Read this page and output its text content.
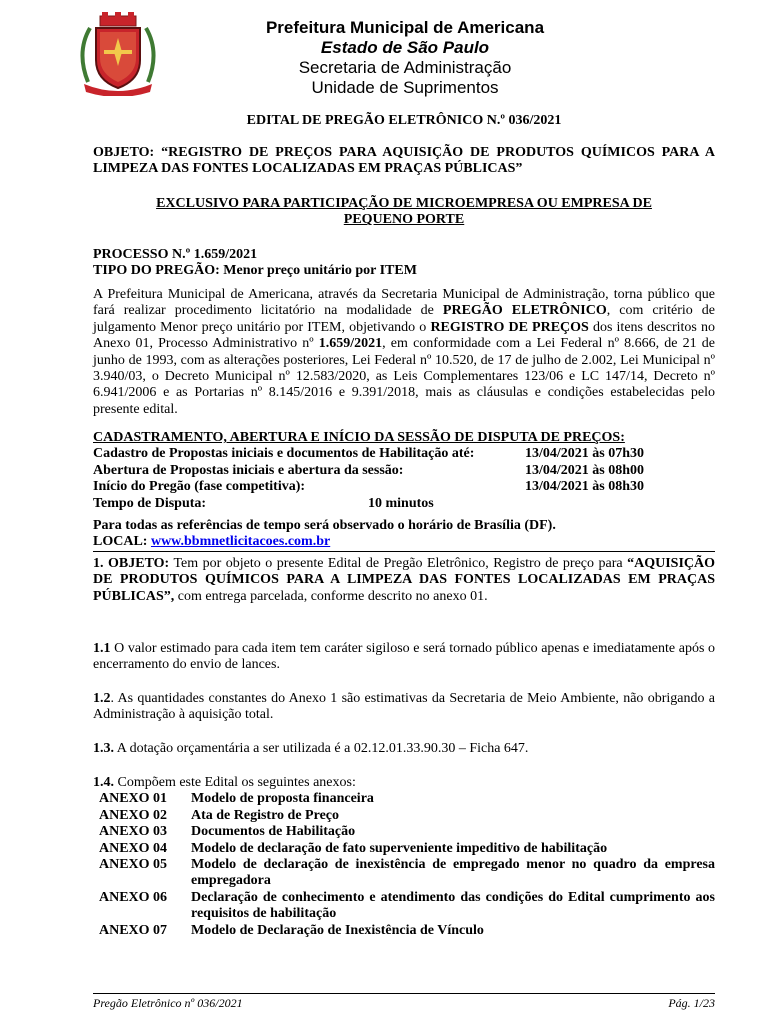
Prefeitura Municipal de Americana
Estado de São Paulo
Secretaria de Administração
Unidade de Suprimentos
EDITAL DE PREGÃO ELETRÔNICO N.º 036/2021
OBJETO: “REGISTRO DE PREÇOS PARA AQUISIÇÃO DE PRODUTOS QUÍMICOS PARA A LIMPEZA DAS FONTES LOCALIZADAS EM PRAÇAS PÚBLICAS”
EXCLUSIVO PARA PARTICIPAÇÃO DE MICROEMPRESA OU EMPRESA DE PEQUENO PORTE
PROCESSO N.º 1.659/2021
TIPO DO PREGÃO: Menor preço unitário por ITEM
A Prefeitura Municipal de Americana, através da Secretaria Municipal de Administração, torna público que fará realizar procedimento licitatório na modalidade de PREGÃO ELETRÔNICO, com critério de julgamento Menor preço unitário por ITEM, objetivando o REGISTRO DE PREÇOS dos itens descritos no Anexo 01, Processo Administrativo nº 1.659/2021, em conformidade com a Lei Federal nº 8.666, de 21 de junho de 1993, com as alterações posteriores, Lei Federal nº 10.520, de 17 de julho de 2.002, Lei Municipal nº 3.940/03, o Decreto Municipal nº 12.583/2020, as Leis Complementares 123/06 e LC 147/14, Decreto nº 6.941/2006 e as Portarias nº 8.145/2016 e 9.391/2018, mais as cláusulas e condições estabelecidas pelo presente edital.
CADASTRAMENTO, ABERTURA E INÍCIO DA SESSÃO DE DISPUTA DE PREÇOS:
Cadastro de Propostas iniciais e documentos de Habilitação até:	13/04/2021 às 07h30
Abertura de Propostas iniciais e abertura da sessão:	13/04/2021 às 08h00
Início do Pregão (fase competitiva):	13/04/2021 às 08h30
Tempo de Disputa:	10 minutos
Para todas as referências de tempo será observado o horário de Brasília (DF).
LOCAL: www.bbmnetlicitacoes.com.br
1. OBJETO: Tem por objeto o presente Edital de Pregão Eletrônico, Registro de preço para “AQUISIÇÃO DE PRODUTOS QUÍMICOS PARA A LIMPEZA DAS FONTES LOCALIZADAS EM PRAÇAS PÚBLICAS”, com entrega parcelada, conforme descrito no anexo 01.
1.1 O valor estimado para cada item tem caráter sigiloso e será tornado público apenas e imediatamente após o encerramento do envio de lances.
1.2. As quantidades constantes do Anexo 1 são estimativas da Secretaria de Meio Ambiente, não obrigando a Administração à aquisição total.
1.3. A dotação orçamentária a ser utilizada é a 02.12.01.33.90.30 – Ficha 647.
1.4. Compõem este Edital os seguintes anexos:
ANEXO 01	Modelo de proposta financeira
ANEXO 02	Ata de Registro de Preço
ANEXO 03	Documentos de Habilitação
ANEXO 04	Modelo de declaração de fato superveniente impeditivo de habilitação
ANEXO 05	Modelo de declaração de inexistência de empregado menor no quadro da empresa empregadora
ANEXO 06	Declaração de conhecimento e atendimento das condições do Edital cumprimento aos requisitos de habilitação
ANEXO 07	Modelo de Declaração de Inexistência de Vínculo
Pregão Eletrônico nº 036/2021	Pág. 1/23
